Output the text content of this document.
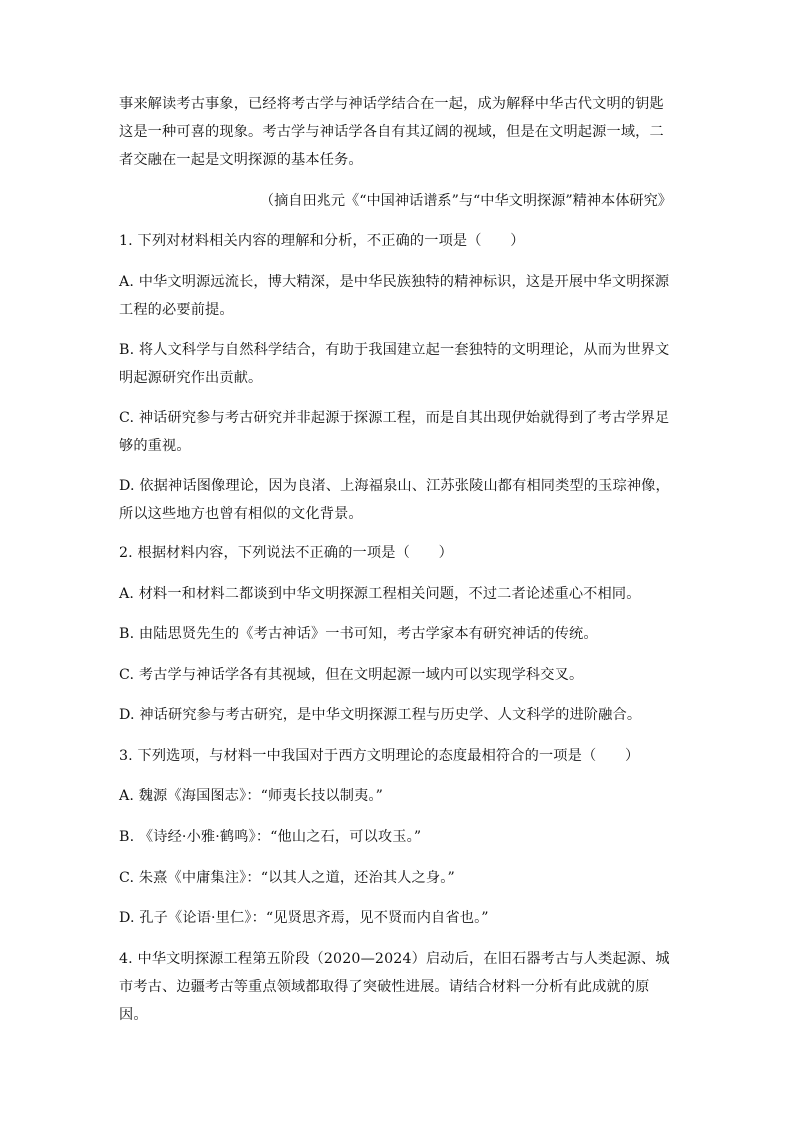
事来解读考古事象，已经将考古学与神话学结合在一起，成为解释中华古代文明的钥匙这是一种可喜的现象。考古学与神话学各自有其辽阔的视域，但是在文明起源一域，二者交融在一起是文明探源的基本任务。

（摘自田兆元《“中国神话谱系”与“中华文明探源”精神本体研究》

1. 下列对材料相关内容的理解和分析，不正确的一项是（　　）

A. 中华文明源远流长，博大精深，是中华民族独特的精神标识，这是开展中华文明探源工程的必要前提。

B. 将人文科学与自然科学结合，有助于我国建立起一套独特的文明理论，从而为世界文明起源研究作出贡献。

C. 神话研究参与考古研究并非起源于探源工程，而是自其出现伊始就得到了考古学界足够的重视。

D. 依据神话图像理论，因为良渚、上海福泉山、江苏张陵山都有相同类型的玉琮神像，所以这些地方也曾有相似的文化背景。

2. 根据材料内容，下列说法不正确的一项是（　　）

A. 材料一和材料二都谈到中华文明探源工程相关问题，不过二者论述重心不相同。

B. 由陆思贤先生的《考古神话》一书可知，考古学家本有研究神话的传统。

C. 考古学与神话学各有其视域，但在文明起源一域内可以实现学科交叉。

D. 神话研究参与考古研究，是中华文明探源工程与历史学、人文科学的进阶融合。

3. 下列选项，与材料一中我国对于西方文明理论的态度最相符合的一项是（　　）

A. 魏源《海国图志》：“师夷长技以制夷。”

B. 《诗经·小雅·鹤鸣》：“他山之石，可以攻玉。”

C. 朱熹《中庸集注》：“以其人之道，还治其人之身。”

D. 孔子《论语·里仁》：“见贤思齐焉，见不贤而内自省也。”

4. 中华文明探源工程第五阶段（2020—2024）启动后，在旧石器考古与人类起源、城市考古、边疆考古等重点领域都取得了突破性进展。请结合材料一分析有此成就的原因。
